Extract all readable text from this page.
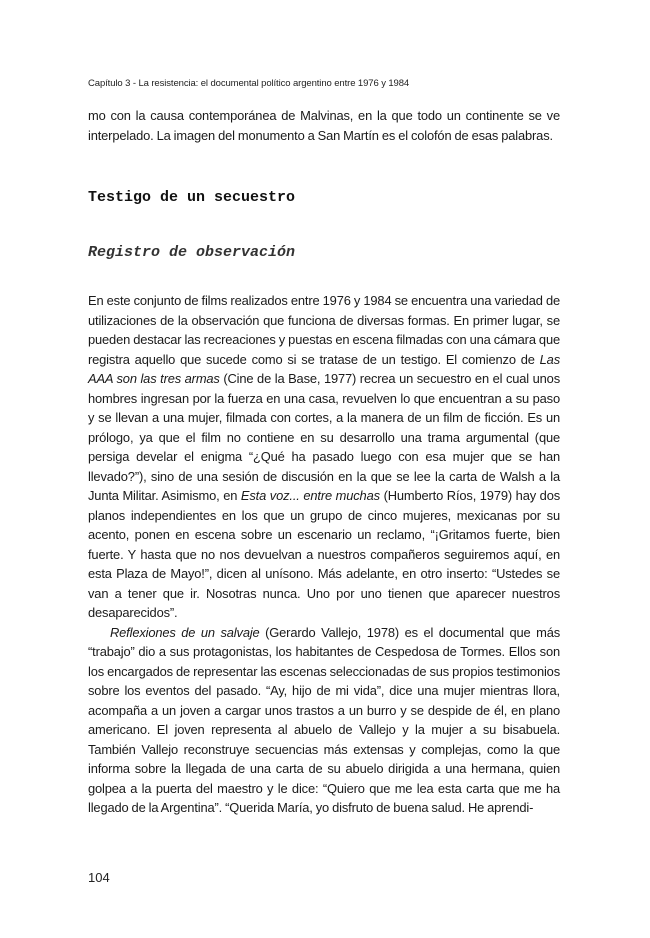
Capítulo 3 - La resistencia: el documental político argentino entre 1976 y 1984

mo con la causa contemporánea de Malvinas, en la que todo un continente se ve interpelado. La imagen del monumento a San Martín es el colofón de esas palabras.

Testigo de un secuestro
Registro de observación

En este conjunto de films realizados entre 1976 y 1984 se encuentra una variedad de utilizaciones de la observación que funciona de diversas formas. En primer lugar, se pueden destacar las recreaciones y puestas en escena filmadas con una cámara que registra aquello que sucede como si se tratase de un testigo. El comienzo de Las AAA son las tres armas (Cine de la Base, 1977) recrea un secuestro en el cual unos hombres ingresan por la fuerza en una casa, revuelven lo que encuentran a su paso y se llevan a una mujer, filmada con cortes, a la manera de un film de ficción. Es un prólogo, ya que el film no contiene en su desarrollo una trama argumental (que persiga develar el enigma “¿Qué ha pasado luego con esa mujer que se han llevado?”), sino de una sesión de discusión en la que se lee la carta de Walsh a la Junta Militar. Asimismo, en Esta voz... entre muchas (Humberto Ríos, 1979) hay dos planos independientes en los que un grupo de cinco mujeres, mexicanas por su acento, ponen en escena sobre un escenario un reclamo, “¡Gritamos fuerte, bien fuerte. Y hasta que no nos devuelvan a nuestros compañeros seguiremos aquí, en esta Plaza de Mayo!”, dicen al unísono. Más adelante, en otro inserto: “Ustedes se van a tener que ir. Nosotras nunca. Uno por uno tienen que aparecer nuestros desaparecidos”.

Reflexiones de un salvaje (Gerardo Vallejo, 1978) es el documental que más “trabajo” dio a sus protagonistas, los habitantes de Cespedosa de Tormes. Ellos son los encargados de representar las escenas seleccionadas de sus propios testimonios sobre los eventos del pasado. “Ay, hijo de mi vida”, dice una mujer mientras llora, acompaña a un joven a cargar unos trastos a un burro y se despide de él, en plano americano. El joven representa al abuelo de Vallejo y la mujer a su bisabuela. También Vallejo reconstruye secuencias más extensas y complejas, como la que informa sobre la llegada de una carta de su abuelo dirigida a una hermana, quien golpea a la puerta del maestro y le dice: “Quiero que me lea esta carta que me ha llegado de la Argentina”. “Querida María, yo disfruto de buena salud. He aprendi-

104
